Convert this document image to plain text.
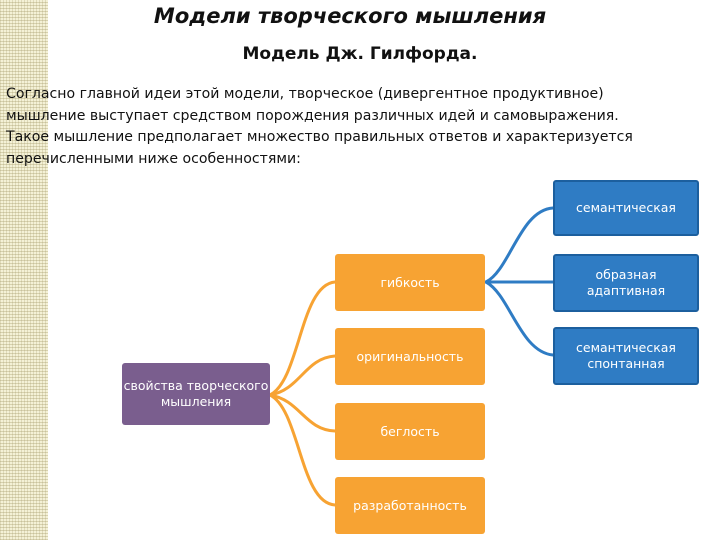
Модели творческого мышления
Модель Дж. Гилфорда.
Согласно главной идеи этой модели, творческое (дивергентное продуктивное)
мышление выступает средством порождения различных идей и самовыражения.
Такое мышление предполагает множество правильных ответов и характеризуется
перечисленными ниже особенностями:
свойства творческого мышления
гибкость
оригинальность
беглость
разработанность
семантическая
образная адаптивная
семантическая спонтанная
